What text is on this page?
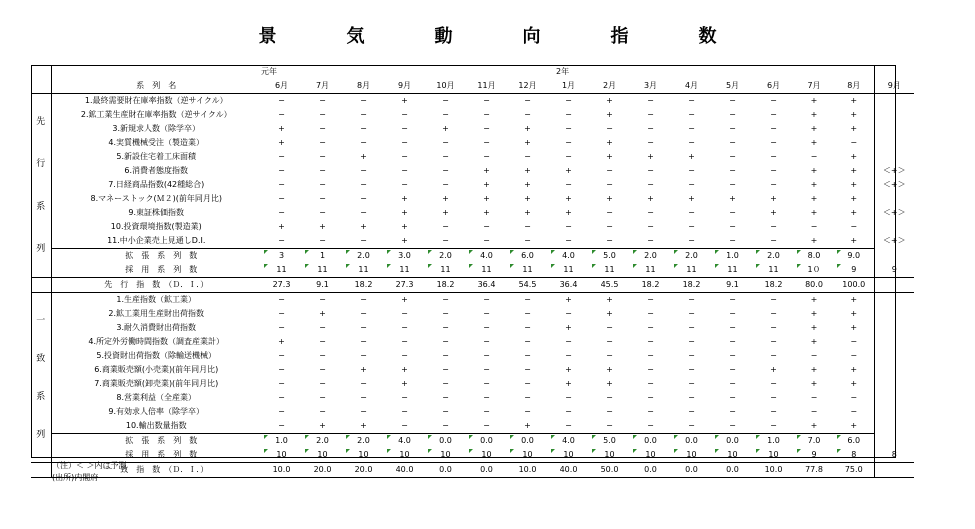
景　気　動　向　指　数
		元年							2年								
	系　列　名	6月	7月	8月	9月	10月	11月	12月	1月	2月	3月	4月	5月	6月	7月	8月	9月

先
行
系
列	1.最終需要財在庫率指数（逆サイクル）	−	−	−	+	−	−	−	−	+	−	−	−	−	+	+	
	2.鉱工業生産財在庫率指数（逆サイクル）	−	−	−	−	−	−	−	−	+	−	−	−	−	+	+	
	3.新規求人数（除学卒）	+	−	−	−	+	−	+	−	−	−	−	−	−	+	+	
	4.実質機械受注（製造業）	+	−	−	−	−	−	+	−	+	−	−	−	−	+	−	
	5.新設住宅着工床面積	−	−	+	−	−	−	−	−	+	+	+	−	−	−	+	
	6.消費者態度指数	−	−	−	−	−	+	+	+	−	−	−	−	−	+	+	＜+＞
	7.日経商品指数(42種総合)	−	−	−	−	−	+	+	−	−	−	−	−	−	+	+	＜+＞
	8.マネーストック(Ｍ２)(前年同月比)	−	−	−	+	+	+	+	+	+	+	+	+	+	+	+	
	9.東証株価指数	−	−	−	+	+	+	+	+	−	−	−	−	+	+	+	＜+＞
	10.投資環境指数(製造業)	+	+	+	+	−	−	−	−	−	−	−	−	−	−	−	
	11.中小企業売上見通しD.I.	−	−	−	+	−	−	−	−	−	−	−	−	−	+	+	＜+＞
	拡　張　系　列　数	3	1	2.0	3.0	2.0	4.0	6.0	4.0	5.0	2.0	2.0	1.0	2.0	8.0	9.0	
	採　用　系　列　数	11	11	11	11	11	11	11	11	11	11	11	11	11	1０	9	9
	先　行　指　数　（Ｄ．Ｉ．）	27.3	9.1	18.2	27.3	18.2	36.4	54.5	36.4	45.5	18.2	18.2	9.1	18.2	80.0	100.0	

一
致
系
列	1.生産指数（鉱工業）	−	−	−	+	−	−	−	+	+	−	−	−	−	+	+	
	2.鉱工業用生産財出荷指数	−	+	−	−	−	−	−	−	+	−	−	−	−	+	+	
	3.耐久消費財出荷指数	−	−	−	−	−	−	−	+	−	−	−	−	−	+	+	
	4.所定外労働時間指数（調査産業計）	+	−	−	−	−	−	−	−	−	−	−	−	−	+	−	
	5.投資財出荷指数（除輸送機械）	−	−	−	−	−	−	−	−	−	−	−	−	−	−	−	
	6.商業販売額(小売業)(前年同月比)	−	−	+	+	−	−	−	+	+	−	−	−	+	+	+	
	7.商業販売額(卸売業)(前年同月比)	−	−	−	+	−	−	−	+	+	−	−	−	−	+	+	
	8.営業利益（全産業）	−	−	−	−	−	−	−	−	−	−	−	−	−	−	−	
	9.有効求人倍率（除学卒）	−	−	−	−	−	−	−	−	−	−	−	−	−	−	−	
	10.輸出数量指数	−	+	+	−	−	−	+	−	−	−	−	−	−	+	+	
	拡　張　系　列　数	1.0	2.0	2.0	4.0	0.0	0.0	0.0	4.0	5.0	0.0	0.0	0.0	1.0	7.0	6.0	
	採　用　系　列　数	10	10	10	10	10	10	10	10	10	10	10	10	10	9	8	8
	一　致　指　数　（Ｄ．Ｉ．）	10.0	20.0	20.0	40.0	0.0	0.0	10.0	40.0	50.0	0.0	0.0	0.0	10.0	77.8	75.0	
（注）＜ ＞内は予測
(出所)内閣府
